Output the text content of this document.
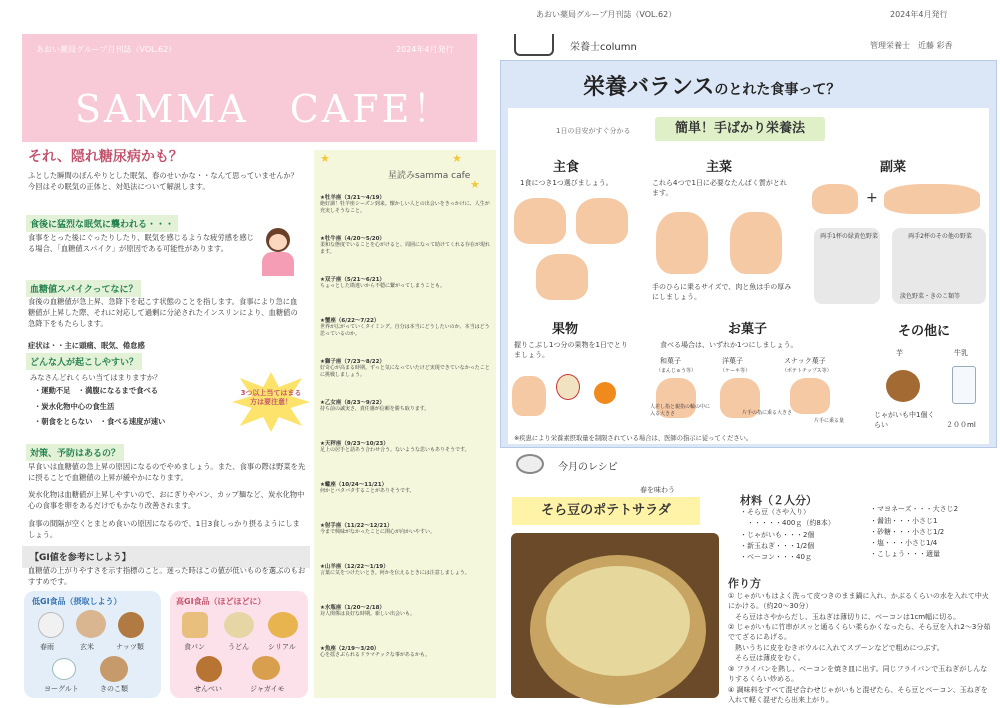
あおい薬局グループ月刊誌（VOL.62）	2024年4月発行
SAMMA　CAFE！
それ、隠れ糖尿病かも？
ふとした瞬間のぼんやりとした眠気、春のせいかな・・なんて思っていませんか？今回はその眠気の正体と、対処法について解説します。
食後に猛烈な眠気に襲われる・・・
食事をとった後にぐったりしたり、眠気を感じるような疲労感を感じる場合、「血糖値スパイク」が原因である可能性があります。
血糖値スパイクってなに？
食後の血糖値が急上昇、急降下を起こす状態のことを指します。食事により急に血糖値が上昇した際、それに対応して過剰に分泌されたインスリンにより、血糖値の急降下をもたらします。
症状は・・主に頭痛、眠気、倦怠感
どんな人が起こしやすい？
みなさんどれくらい当てはまりますか？
・運動不足　・満腹になるまで食べる
・炭水化物中心の食生活
・朝食をとらない　・食べる速度が速い
3つ以上当てはまる方は要注意！
対策、予防はあるの？
早食いは血糖値の急上昇の原因になるのでやめましょう。また、食事の際は野菜を先に摂ることで血糖値の上昇が緩やかになります。
炭水化物は血糖値が上昇しやすいので、おにぎりやパン、カップ麺など、炭水化物中心の食事を卵をあるだけでもかなり改善されます。
食事の間隔が空くとまとめ食いの原因になるので、1日3食しっかり摂るようにしましょう。
【GI値を参考にしよう】
血糖値の上がりやすさを示す指標のこと。迷った時はこの値が低いものを選ぶのもおすすめです。
低GI食品（摂取しよう）
春雨	玄米	ナッツ類
ヨーグルト	きのこ類
高GI食品（ほどほどに）
食パン	うどん	シリアル
せんべい	ジャガイモ
★	★
★
星読みsamma cafe
★牡羊座（3/21～4/19）
絶好調！牡羊座シーズン到来。懐かしい人との出会いをきっかけに、人生が充実しそうなこと。
★牡牛座（4/20～5/20）
柔和な態度でいることを心がけると、周囲になって助けてくれる存在が現れます。
★双子座（5/21～6/21）
ちょっとした勘違いから不穏に繋がってしまうことも。
★蟹座（6/22～7/22）
世界が広がっていくタイミング。自分は本当にどうしたいのか、本当はどう思っているのか。
★獅子座（7/23～8/22）
好奇心が高まる時期。ずっと気になっていたけど実現できていなかったことに挑戦しましょう。
★乙女座（8/23～9/22）
持ち前の誠実さ、責任感が信頼を勝ち取ります。
★天秤座（9/23～10/23）
足上の居手と話あう合わせ合う。ないような思いもありそうです。
★蠍座（10/24～11/21）
何かとバタバタすることがありそうです。
★射手座（11/22～12/21）
今まで興味がなかったことに関心が向かいやすい。
★山羊座（12/22～1/19）
言葉に気をつけたいとき。何かを伝えるときには注意しましょう。
★水瓶座（1/20～2/18）
対人関係は良好な時期。新しい出会いも。
★魚座（2/19～3/20）
心を揺さぶられるドラマチックな事があるかも。
あおい薬局グループ月刊誌（VOL.62）	2024年4月発行
栄養士column	管理栄養士　近藤 彩香
栄養バランスのとれた食事って？
1日の目安がすぐ分かる	簡単！手ばかり栄養法
主食
1食につき1つ選びましょう。
主菜
これら4つで1日に必要なたんぱく質がとれます。
手のひらに乗るサイズで、肉と魚は手の厚みにしましょう。
副菜
+
両手1杯の緑黄色野菜	両手2杯のその他の野菜
淡色野菜・きのこ類等
果物
握りこぶし1つ分の果物を1日でとりましょう。
お菓子
食べる場合は、いずれか1つにしましょう。
和菓子
（まんじゅう等）
洋菓子
（ケーキ等）
スナック菓子
（ポテトチップス等）
人差し指と親指の輪の中に入る大きさ	片手の指に乗る大きさ
片手に乗る量
その他に
芋	牛乳
じゃがいも中1個くらい	２００ml
※疾患により栄養素摂取量を制限されている場合は、医師の指示に従ってください。
今月のレシピ
春を味わう
そら豆のポテトサラダ
材料（２人分）
・そら豆（さや入り）
　・・・・・400ｇ（約8本）
・じゃがいも・・・2個
・新玉ねぎ・・・1/2個
・ベーコン・・・40ｇ
・マヨネーズ・・・大さじ2
・醤油・・・小さじ1
・砂糖・・・小さじ1/2
・塩・・・小さじ1/4
・こしょう・・・適量
作り方
① じゃがいもはよく洗って皮つきのまま鍋に入れ、かぶるくらいの水を入れて中火にかける。（約20～30分）
　そら豆はさやからだし、玉ねぎは薄切りに、ベーコンは1cm幅に切る。
② じゃがいもに竹串がスッと通るくらい柔らかくなったら、そら豆を入れ2～3分茹でてざるにあげる。
　熱いうちに皮をむきボウルに入れてスプーンなどで粗めにつぶす。
　そら豆は薄皮をむく。
③ フライパンを熱し、ベーコンを焼き皿に出す。同じフライパンで玉ねぎがしんなりするくらい炒める。
④ 調味料をすべて混ぜ合わせじゃがいもと混ぜたら、そら豆とベーコン、玉ねぎを入れて軽く混ぜたら出来上がり。
